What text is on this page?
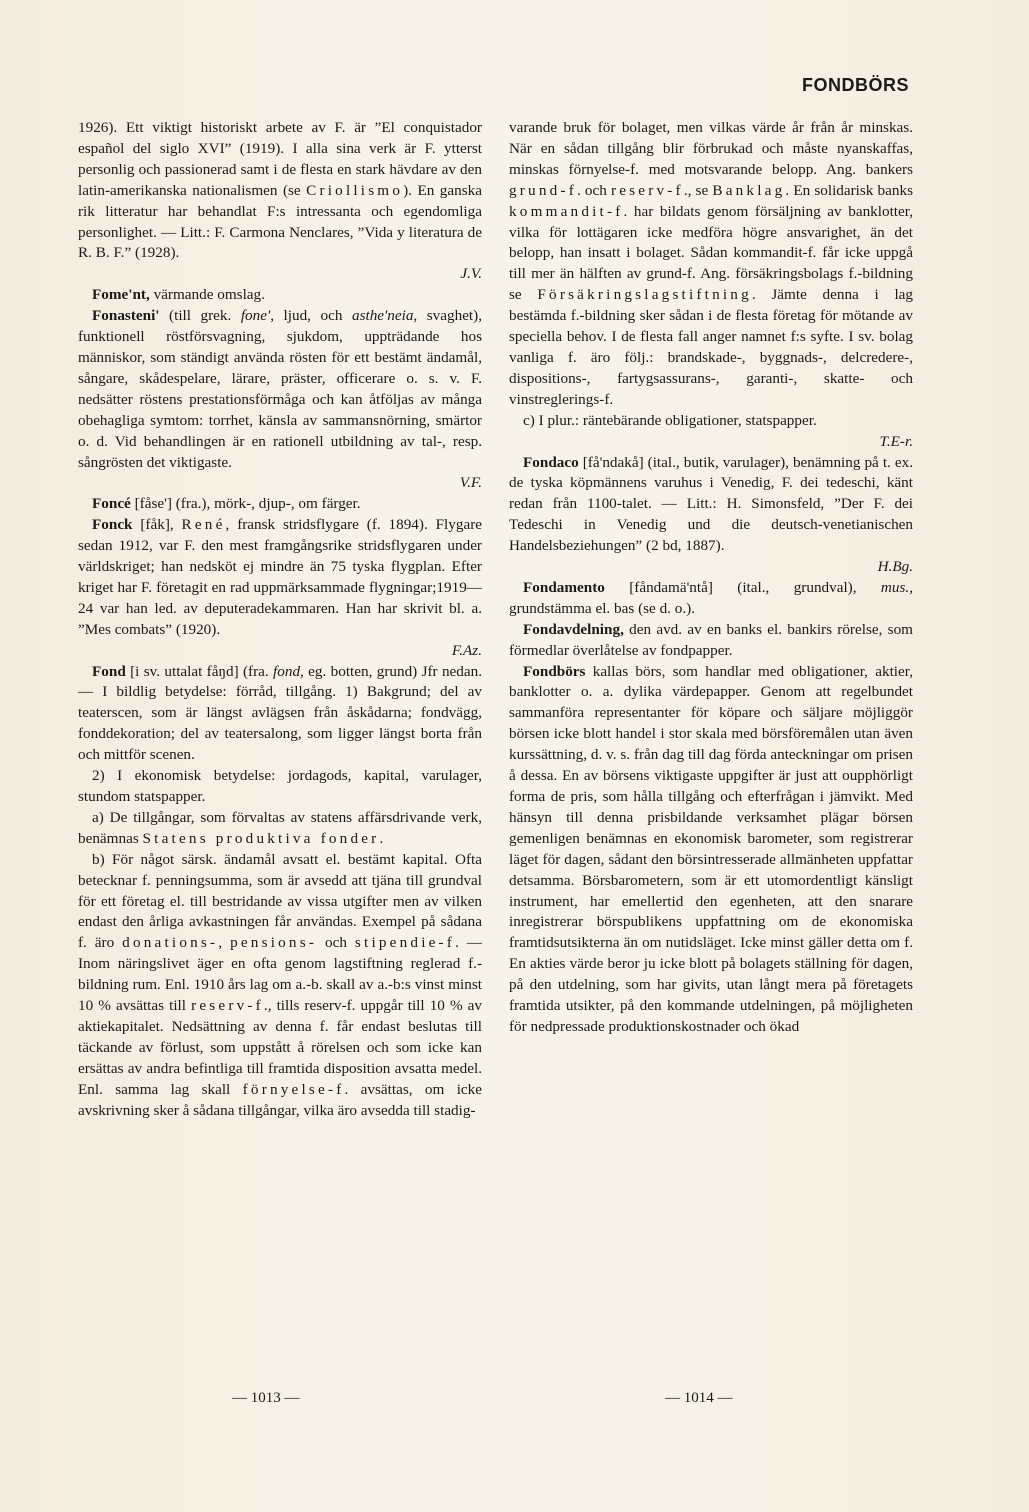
FONDBÖRS

1926). Ett viktigt historiskt arbete av F. är ”El conquistador español del siglo XVI” (1919). I alla sina verk är F. ytterst personlig och passionerad samt i de flesta en stark hävdare av den latin-amerikanska nationalismen (se Criollismo). En ganska rik litteratur har behandlat F:s intressanta och egendomliga personlighet. — Litt.: F. Carmona Nenclares, ”Vida y literatura de R. B. F.” (1928).

J.V.

Fome'nt, värmande omslag.

Fonasteni' (till grek. fone', ljud, och asthe'neia, svaghet), funktionell röstförsvagning, sjukdom, uppträdande hos människor, som ständigt använda rösten för ett bestämt ändamål, sångare, skådespelare, lärare, präster, officerare o. s. v. F. nedsätter röstens prestationsförmåga och kan åtföljas av många obehagliga symtom: torrhet, känsla av sammansnörning, smärtor o. d. Vid behandlingen är en rationell utbildning av tal-, resp. sångrösten det viktigaste.

V.F.

Foncé [fåse'] (fra.), mörk-, djup-, om färger.

Fonck [fåk], René, fransk stridsflygare (f. 1894). Flygare sedan 1912, var F. den mest framgångsrike stridsflygaren under världskriget; han nedsköt ej mindre än 75 tyska flygplan. Efter kriget har F. företagit en rad uppmärksammade flygningar;1919—24 var han led. av deputeradekammaren. Han har skrivit bl. a. ”Mes combats” (1920).

F.Az.

Fond [i sv. uttalat fåŋd] (fra. fond, eg. botten, grund) Jfr nedan. — I bildlig betydelse: förråd, tillgång. 1) Bakgrund; del av teaterscen, som är längst avlägsen från åskådarna; fondvägg, fonddekoration; del av teatersalong, som ligger längst borta från och mittför scenen.

2) I ekonomisk betydelse: jordagods, kapital, varulager, stundom statspapper.

a) De tillgångar, som förvaltas av statens affärsdrivande verk, benämnas Statens produktiva fonder.

b) För något särsk. ändamål avsatt el. bestämt kapital. Ofta betecknar f. penningsumma, som är avsedd att tjäna till grundval för ett företag el. till bestridande av vissa utgifter men av vilken endast den årliga avkastningen får användas. Exempel på sådana f. äro donations-, pensions- och stipendie-f. — Inom näringslivet äger en ofta genom lagstiftning reglerad f.-bildning rum. Enl. 1910 års lag om a.-b. skall av a.-b:s vinst minst 10 % avsättas till reserv-f., tills reserv-f. uppgår till 10 % av aktiekapitalet. Nedsättning av denna f. får endast beslutas till täckande av förlust, som uppstått å rörelsen och som icke kan ersättas av andra befintliga till framtida disposition avsatta medel. Enl. samma lag skall förnyelse-f. avsättas, om icke avskrivning sker å sådana tillgångar, vilka äro avsedda till stadig-

varande bruk för bolaget, men vilkas värde år från år minskas. När en sådan tillgång blir förbrukad och måste nyanskaffas, minskas förnyelse-f. med motsvarande belopp. Ang. bankers grund-f. och reserv-f., se Banklag. En solidarisk banks kommandit-f. har bildats genom försäljning av banklotter, vilka för lottägaren icke medföra högre ansvarighet, än det belopp, han insatt i bolaget. Sådan kommandit-f. får icke uppgå till mer än hälften av grund-f. Ang. försäkringsbolags f.-bildning se Försäkringslagstiftning. Jämte denna i lag bestämda f.-bildning sker sådan i de flesta företag för mötande av speciella behov. I de flesta fall anger namnet f:s syfte. I sv. bolag vanliga f. äro följ.: brandskade-, byggnads-, delcredere-, dispositions-, fartygsassurans-, garanti-, skatte- och vinstreglerings-f.

c) I plur.: räntebärande obligationer, statspapper.

T.E-r.

Fondaco [få'ndakå] (ital., butik, varulager), benämning på t. ex. de tyska köpmännens varuhus i Venedig, F. dei tedeschi, känt redan från 1100-talet. — Litt.: H. Simonsfeld, ”Der F. dei Tedeschi in Venedig und die deutsch-venetianischen Handelsbeziehungen” (2 bd, 1887).

H.Bg.

Fondamento [fåndamä'ntå] (ital., grundval), mus., grundstämma el. bas (se d. o.).

Fondavdelning, den avd. av en banks el. bankirs rörelse, som förmedlar överlåtelse av fondpapper.

Fondbörs kallas börs, som handlar med obligationer, aktier, banklotter o. a. dylika värdepapper. Genom att regelbundet sammanföra representanter för köpare och säljare möjliggör börsen icke blott handel i stor skala med börsföremålen utan även kurssättning, d. v. s. från dag till dag förda anteckningar om prisen å dessa. En av börsens viktigaste uppgifter är just att oupphörligt forma de pris, som hålla tillgång och efterfrågan i jämvikt. Med hänsyn till denna prisbildande verksamhet plägar börsen gemenligen benämnas en ekonomisk barometer, som registrerar läget för dagen, sådant den börsintresserade allmänheten uppfattar detsamma. Börsbarometern, som är ett utomordentligt känsligt instrument, har emellertid den egenheten, att den snarare inregistrerar börspublikens uppfattning om de ekonomiska framtidsutsikterna än om nutidsläget. Icke minst gäller detta om f. En akties värde beror ju icke blott på bolagets ställning för dagen, på den utdelning, som har givits, utan långt mera på företagets framtida utsikter, på den kommande utdelningen, på möjligheten för nedpressade produktionskostnader och ökad

— 1013 —	— 1014 —
